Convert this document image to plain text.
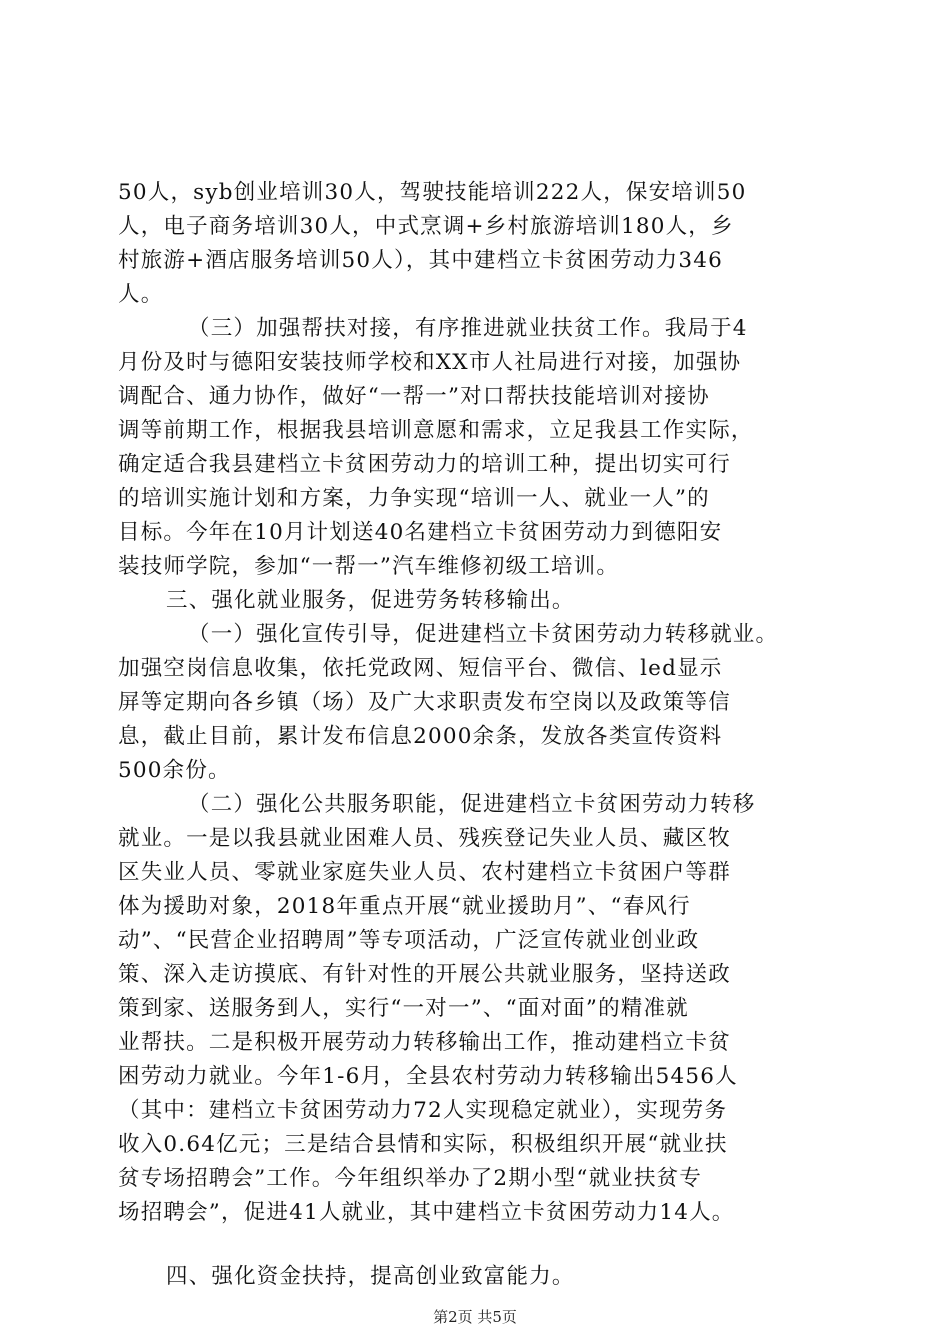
50人，syb创业培训30人，驾驶技能培训222人，保安培训50
人，电子商务培训30人，中式烹调+乡村旅游培训180人，乡
村旅游+酒店服务培训50人），其中建档立卡贫困劳动力346
人。
（三）加强帮扶对接，有序推进就业扶贫工作。我局于4
月份及时与德阳安装技师学校和XX市人社局进行对接，加强协
调配合、通力协作，做好“一帮一”对口帮扶技能培训对接协
调等前期工作，根据我县培训意愿和需求，立足我县工作实际，
确定适合我县建档立卡贫困劳动力的培训工种，提出切实可行
的培训实施计划和方案，力争实现“培训一人、就业一人”的
目标。今年在10月计划送40名建档立卡贫困劳动力到德阳安
装技师学院，参加“一帮一”汽车维修初级工培训。
三、强化就业服务，促进劳务转移输出。
（一）强化宣传引导，促进建档立卡贫困劳动力转移就业。
加强空岗信息收集，依托党政网、短信平台、微信、led显示
屏等定期向各乡镇（场）及广大求职责发布空岗以及政策等信
息，截止目前，累计发布信息2000余条，发放各类宣传资料
500余份。
（二）强化公共服务职能，促进建档立卡贫困劳动力转移
就业。一是以我县就业困难人员、残疾登记失业人员、藏区牧
区失业人员、零就业家庭失业人员、农村建档立卡贫困户等群
体为援助对象，2018年重点开展“就业援助月”、“春风行
动”、“民营企业招聘周”等专项活动，广泛宣传就业创业政
策、深入走访摸底、有针对性的开展公共就业服务，坚持送政
策到家、送服务到人，实行“一对一”、“面对面”的精准就
业帮扶。二是积极开展劳动力转移输出工作，推动建档立卡贫
困劳动力就业。今年1-6月，全县农村劳动力转移输出5456人
（其中：建档立卡贫困劳动力72人实现稳定就业），实现劳务
收入0.64亿元；三是结合县情和实际，积极组织开展“就业扶
贫专场招聘会”工作。今年组织举办了2期小型“就业扶贫专
场招聘会”，促进41人就业，其中建档立卡贫困劳动力14人。
四、强化资金扶持，提高创业致富能力。
第2页 共5页
